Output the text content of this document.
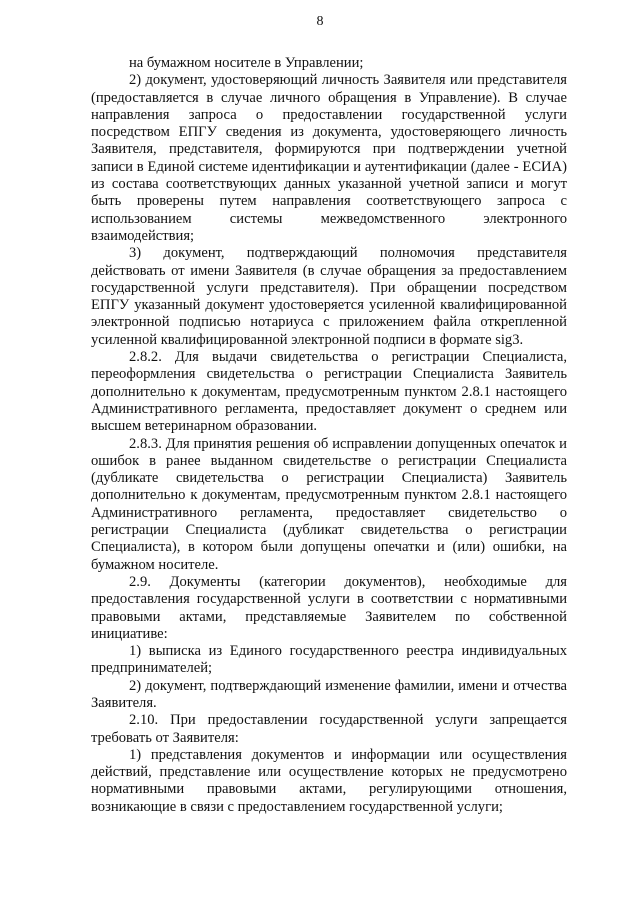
8

на бумажном носителе в Управлении;

2) документ, удостоверяющий личность Заявителя или представителя (предоставляется в случае личного обращения в Управление). В случае направления запроса о предоставлении государственной услуги посредством ЕПГУ сведения из документа, удостоверяющего личность Заявителя, представителя, формируются при подтверждении учетной записи в Единой системе идентификации и аутентификации (далее - ЕСИА) из состава соответствующих данных указанной учетной записи и могут быть проверены путем направления соответствующего запроса с использованием системы межведомственного электронного взаимодействия;

3) документ, подтверждающий полномочия представителя действовать от имени Заявителя (в случае обращения за предоставлением государственной услуги представителя). При обращении посредством ЕПГУ указанный документ удостоверяется усиленной квалифицированной электронной подписью нотариуса с приложением файла открепленной усиленной квалифицированной электронной подписи в формате sig3.

2.8.2. Для выдачи свидетельства о регистрации Специалиста, переоформления свидетельства о регистрации Специалиста Заявитель дополнительно к документам, предусмотренным пунктом 2.8.1 настоящего Административного регламента, предоставляет документ о среднем или высшем ветеринарном образовании.

2.8.3. Для принятия решения об исправлении допущенных опечаток и ошибок в ранее выданном свидетельстве о регистрации Специалиста (дубликате свидетельства о регистрации Специалиста) Заявитель дополнительно к документам, предусмотренным пунктом 2.8.1 настоящего Административного регламента, предоставляет свидетельство о регистрации Специалиста (дубликат свидетельства о регистрации Специалиста), в котором были допущены опечатки и (или) ошибки, на бумажном носителе.

2.9. Документы (категории документов), необходимые для предоставления государственной услуги в соответствии с нормативными правовыми актами, представляемые Заявителем по собственной инициативе:

1) выписка из Единого государственного реестра индивидуальных предпринимателей;

2) документ, подтверждающий изменение фамилии, имени и отчества Заявителя.

2.10. При предоставлении государственной услуги запрещается требовать от Заявителя:

1) представления документов и информации или осуществления действий, представление или осуществление которых не предусмотрено нормативными правовыми актами, регулирующими отношения, возникающие в связи с предоставлением государственной услуги;
